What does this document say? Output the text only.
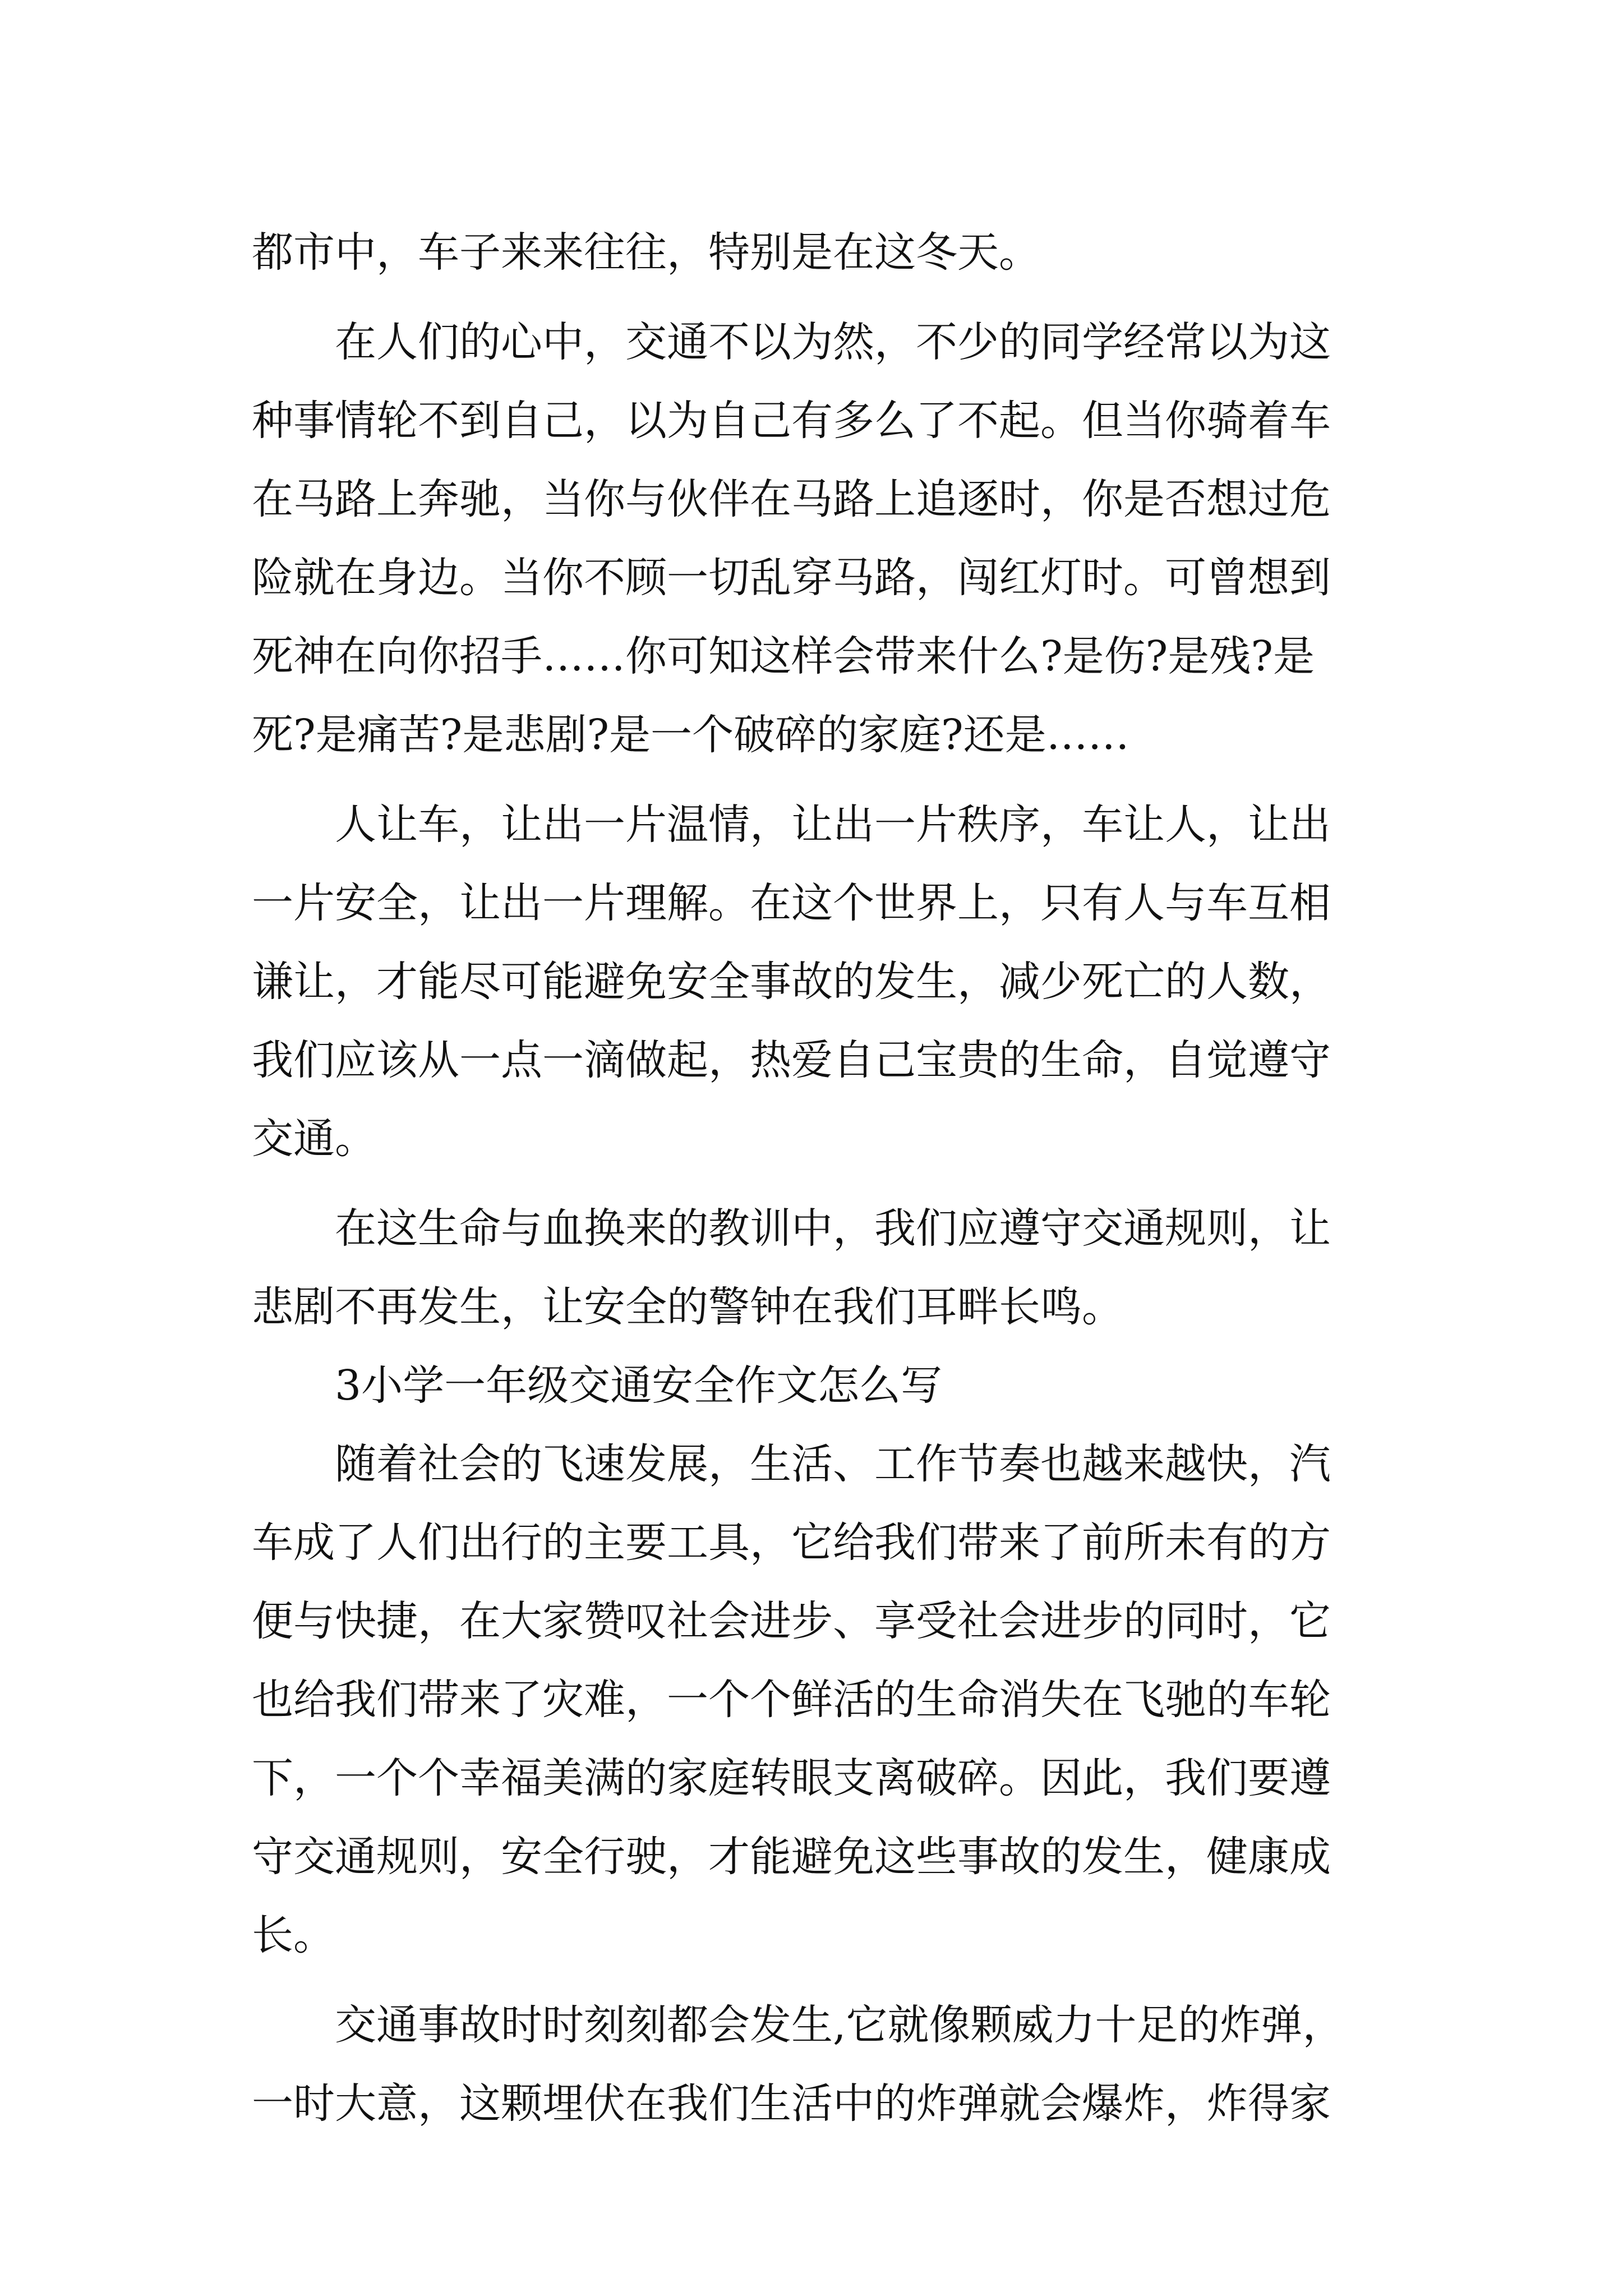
都市中，车子来来往往，特别是在这冬天。
在人们的心中，交通不以为然，不少的同学经常以为这
种事情轮不到自己，以为自己有多么了不起。但当你骑着车
在马路上奔驰，当你与伙伴在马路上追逐时，你是否想过危
险就在身边。当你不顾一切乱穿马路，闯红灯时。可曾想到
死神在向你招手……你可知这样会带来什么?是伤?是残?是
死?是痛苦?是悲剧?是一个破碎的家庭?还是……
人让车，让出一片温情，让出一片秩序，车让人，让出
一片安全，让出一片理解。在这个世界上，只有人与车互相
谦让，才能尽可能避免安全事故的发生，减少死亡的人数，
我们应该从一点一滴做起，热爱自己宝贵的生命，自觉遵守
交通。
在这生命与血换来的教训中，我们应遵守交通规则，让
悲剧不再发生，让安全的警钟在我们耳畔长鸣。
3小学一年级交通安全作文怎么写
随着社会的飞速发展，生活、工作节奏也越来越快，汽
车成了人们出行的主要工具，它给我们带来了前所未有的方
便与快捷，在大家赞叹社会进步、享受社会进步的同时，它
也给我们带来了灾难，一个个鲜活的生命消失在飞驰的车轮
下，一个个幸福美满的家庭转眼支离破碎。因此，我们要遵
守交通规则，安全行驶，才能避免这些事故的发生，健康成
长。
交通事故时时刻刻都会发生,它就像颗威力十足的炸弹，
一时大意，这颗埋伏在我们生活中的炸弹就会爆炸，炸得家
